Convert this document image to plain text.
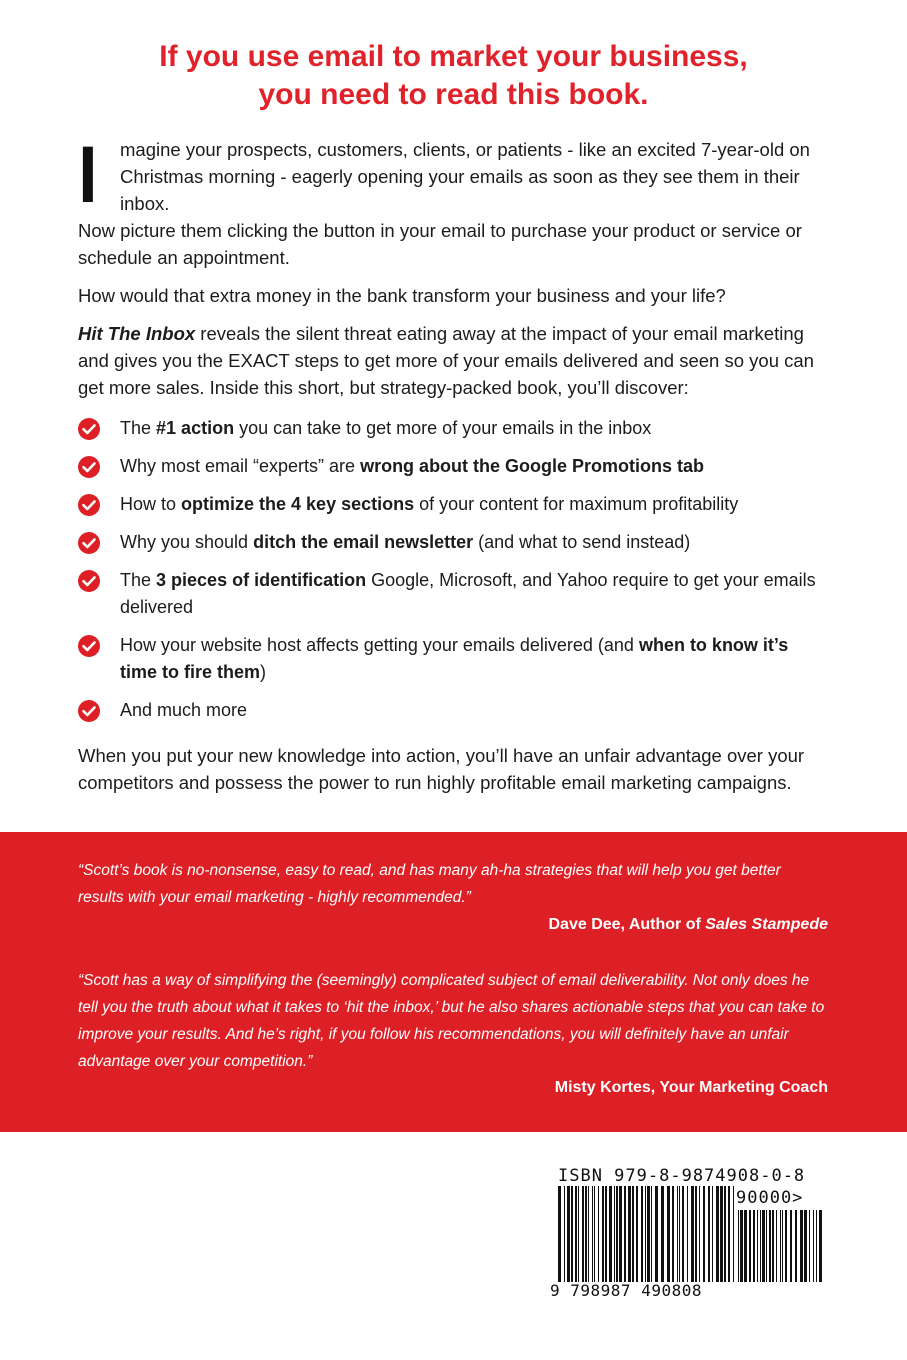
If you use email to market your business,
you need to read this book.

I magine your prospects, customers, clients, or patients - like an excited 7-year-old on Christmas morning - eagerly opening your emails as soon as they see them in their inbox.

Now picture them clicking the button in your email to purchase your product or service or schedule an appointment.

How would that extra money in the bank transform your business and your life?

Hit The Inbox reveals the silent threat eating away at the impact of your email marketing and gives you the EXACT steps to get more of your emails delivered and seen so you can get more sales. Inside this short, but strategy-packed book, you’ll discover:

The #1 action you can take to get more of your emails in the inbox
Why most email “experts” are wrong about the Google Promotions tab
How to optimize the 4 key sections of your content for maximum profitability
Why you should ditch the email newsletter (and what to send instead)
The 3 pieces of identification Google, Microsoft, and Yahoo require to get your emails delivered
How your website host affects getting your emails delivered (and when to know it’s time to fire them)
And much more

When you put your new knowledge into action, you’ll have an unfair advantage over your competitors and possess the power to run highly profitable email marketing campaigns.

“Scott’s book is no-nonsense, easy to read, and has many ah-ha strategies that will help you get better results with your email marketing - highly recommended.”

Dave Dee, Author of Sales Stampede

“Scott has a way of simplifying the (seemingly) complicated subject of email deliverability. Not only does he tell you the truth about what it takes to ‘hit the inbox,’ but he also shares actionable steps that you can take to improve your results. And he’s right, if you follow his recommendations, you will definitely have an unfair advantage over your competition.”

Misty Kortes, Your Marketing Coach
ISBN 979-8-9874908-0-8
90000>
9 798987 490808
